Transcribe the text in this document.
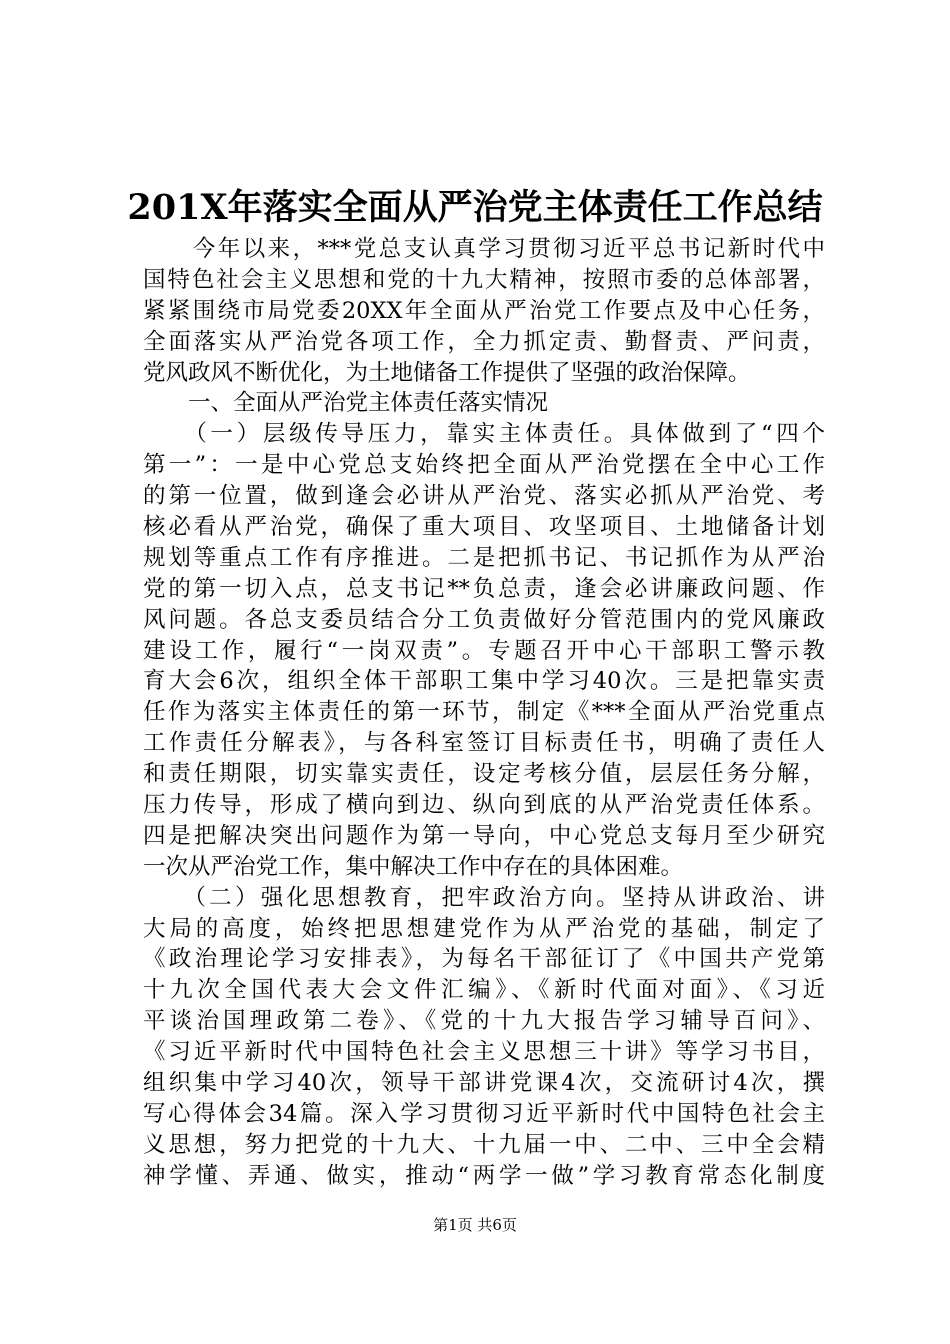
201X年落实全面从严治党主体责任工作总结
　　今年以来，***党总支认真学习贯彻习近平总书记新时代中
国特色社会主义思想和党的十九大精神，按照市委的总体部署，
紧紧围绕市局党委20XX年全面从严治党工作要点及中心任务，
全面落实从严治党各项工作，全力抓定责、勤督责、严问责，
党风政风不断优化，为土地储备工作提供了坚强的政治保障。
　　一、全面从严治党主体责任落实情况
　　（一）层级传导压力，靠实主体责任。具体做到了“四个
第一”：一是中心党总支始终把全面从严治党摆在全中心工作
的第一位置，做到逢会必讲从严治党、落实必抓从严治党、考
核必看从严治党，确保了重大项目、攻坚项目、土地储备计划
规划等重点工作有序推进。二是把抓书记、书记抓作为从严治
党的第一切入点，总支书记**负总责，逢会必讲廉政问题、作
风问题。各总支委员结合分工负责做好分管范围内的党风廉政
建设工作，履行“一岗双责”。专题召开中心干部职工警示教
育大会6次，组织全体干部职工集中学习40次。三是把靠实责
任作为落实主体责任的第一环节，制定《***全面从严治党重点
工作责任分解表》，与各科室签订目标责任书，明确了责任人
和责任期限，切实靠实责任，设定考核分值，层层任务分解，
压力传导，形成了横向到边、纵向到底的从严治党责任体系。
四是把解决突出问题作为第一导向，中心党总支每月至少研究
一次从严治党工作，集中解决工作中存在的具体困难。
　　（二）强化思想教育，把牢政治方向。坚持从讲政治、讲
大局的高度，始终把思想建党作为从严治党的基础，制定了
《政治理论学习安排表》，为每名干部征订了《中国共产党第
十九次全国代表大会文件汇编》、《新时代面对面》、《习近
平谈治国理政第二卷》、《党的十九大报告学习辅导百问》、
《习近平新时代中国特色社会主义思想三十讲》等学习书目，
组织集中学习40次，领导干部讲党课4次，交流研讨4次，撰
写心得体会34篇。深入学习贯彻习近平新时代中国特色社会主
义思想，努力把党的十九大、十九届一中、二中、三中全会精
神学懂、弄通、做实，推动“两学一做”学习教育常态化制度
第1页 共6页
